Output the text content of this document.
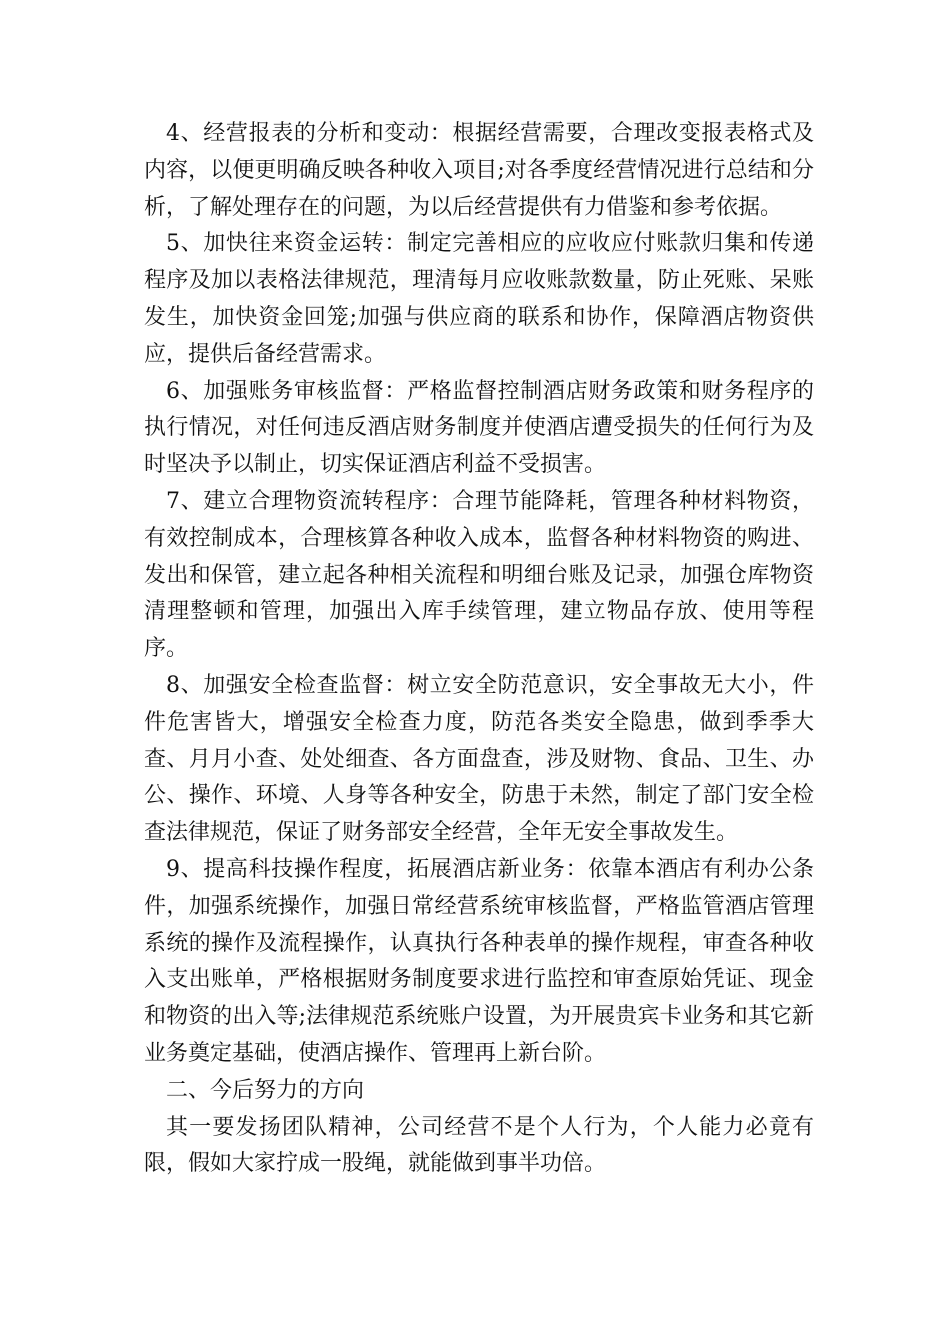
4、经营报表的分析和变动：根据经营需要，合理改变报表格式及内容，以便更明确反映各种收入项目;对各季度经营情况进行总结和分析，了解处理存在的问题，为以后经营提供有力借鉴和参考依据。

5、加快往来资金运转：制定完善相应的应收应付账款归集和传递程序及加以表格法律规范，理清每月应收账款数量，防止死账、呆账发生，加快资金回笼;加强与供应商的联系和协作，保障酒店物资供应，提供后备经营需求。

6、加强账务审核监督：严格监督控制酒店财务政策和财务程序的执行情况，对任何违反酒店财务制度并使酒店遭受损失的任何行为及时坚决予以制止，切实保证酒店利益不受损害。

7、建立合理物资流转程序：合理节能降耗，管理各种材料物资，有效控制成本，合理核算各种收入成本，监督各种材料物资的购进、发出和保管，建立起各种相关流程和明细台账及记录，加强仓库物资清理整顿和管理，加强出入库手续管理，建立物品存放、使用等程序。

8、加强安全检查监督：树立安全防范意识，安全事故无大小，件件危害皆大，增强安全检查力度，防范各类安全隐患，做到季季大查、月月小查、处处细查、各方面盘查，涉及财物、食品、卫生、办公、操作、环境、人身等各种安全，防患于未然，制定了部门安全检查法律规范，保证了财务部安全经营，全年无安全事故发生。

9、提高科技操作程度，拓展酒店新业务：依靠本酒店有利办公条件，加强系统操作，加强日常经营系统审核监督，严格监管酒店管理系统的操作及流程操作，认真执行各种表单的操作规程，审查各种收入支出账单，严格根据财务制度要求进行监控和审查原始凭证、现金和物资的出入等;法律规范系统账户设置，为开展贵宾卡业务和其它新业务奠定基础，使酒店操作、管理再上新台阶。

二、今后努力的方向

其一要发扬团队精神，公司经营不是个人行为，个人能力必竟有限，假如大家拧成一股绳，就能做到事半功倍。
